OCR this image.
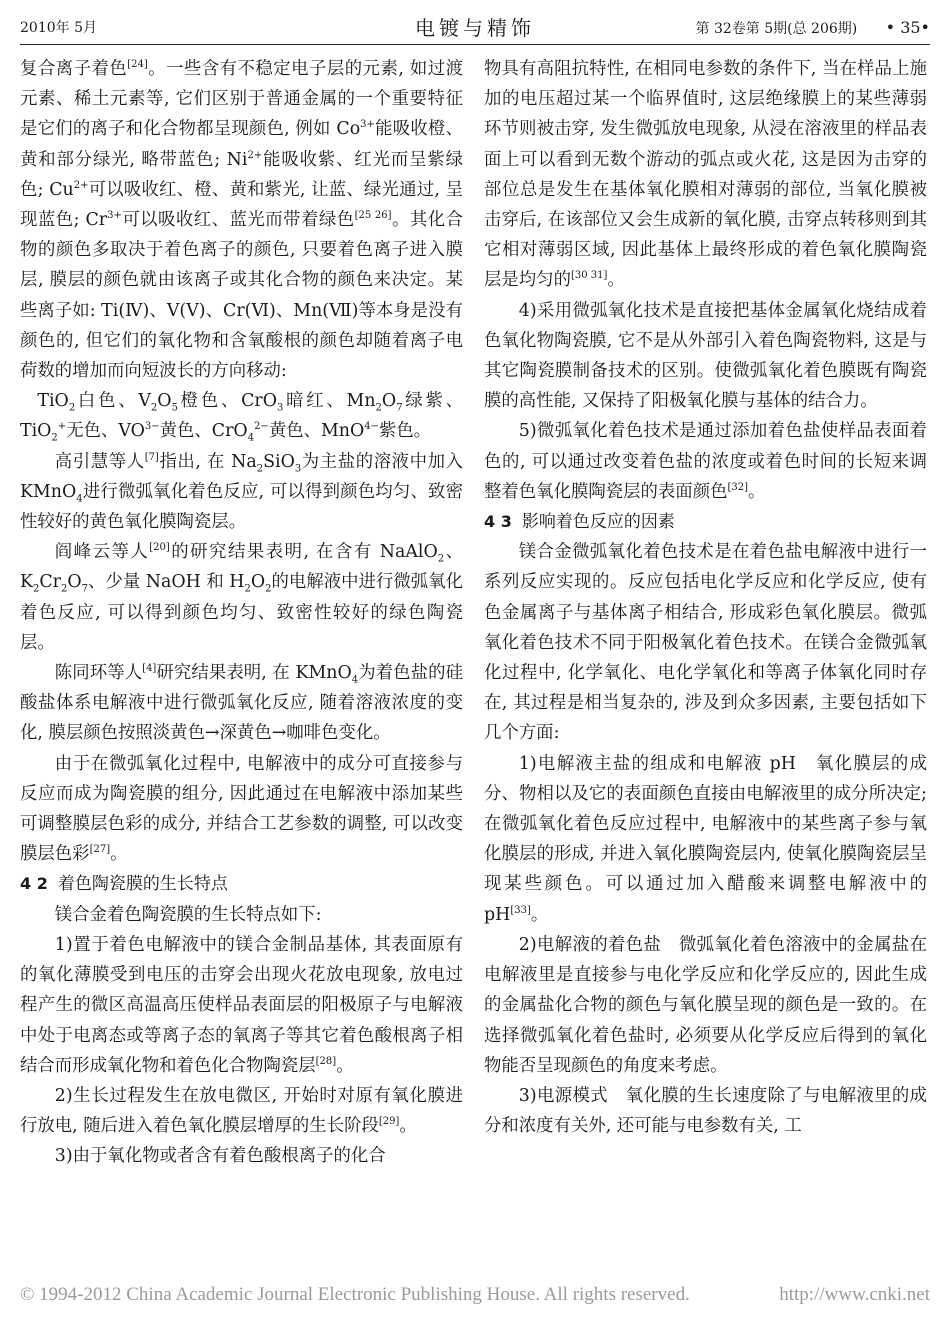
2010年 5月	电镀与精饰	第 32卷第 5期(总 206期) • 35•

复合离子着色[24]。一些含有不稳定电子层的元素, 如过渡元素、稀土元素等, 它们区别于普通金属的一个重要特征是它们的离子和化合物都呈现颜色, 例如 $Co^{3+}$能吸收橙、黄和部分绿光, 略带蓝色; $Ni^{2+}$能吸收紫、红光而呈紫绿色; $Cu^{2+}$可以吸收红、橙、黄和紫光, 让蓝、绿光通过, 呈现蓝色; $Cr^{3+}$可以吸收红、蓝光而带着绿色[25 26]。其化合物的颜色多取决于着色离子的颜色, 只要着色离子进入膜层, 膜层的颜色就由该离子或其化合物的颜色来决定。某些离子如: Ti(Ⅳ)、V(Ⅴ)、Cr(Ⅵ)、Mn(Ⅶ)等本身是没有颜色的, 但它们的氧化物和含氧酸根的颜色却随着离子电荷数的增加而向短波长的方向移动:

TiO$_2$白色、$V_2O_5$橙色、CrO$_3$暗红、$Mn_2O_7$绿紫、TiO$_2$+无色、$VO^{3-}$黄色、CrO$_4^{2-}$黄色、MnO$^{4-}$紫色。

高引慧等人[7]指出, 在 $Na_2SiO_3$为主盐的溶液中加入 KMnO$_4$进行微弧氧化着色反应, 可以得到颜色均匀、致密性较好的黄色氧化膜陶瓷层。

阎峰云等人[20]的研究结果表明, 在含有 NaAlO$_2$、$K_2Cr_2O_7$、少量 NaOH 和 $H_2O_2$的电解液中进行微弧氧化着色反应, 可以得到颜色均匀、致密性较好的绿色陶瓷层。

陈同环等人[4]研究结果表明, 在 KMnO$_4$为着色盐的硅酸盐体系电解液中进行微弧氧化反应, 随着溶液浓度的变化, 膜层颜色按照淡黄色→深黄色→咖啡色变化。

由于在微弧氧化过程中, 电解液中的成分可直接参与反应而成为陶瓷膜的组分, 因此通过在电解液中添加某些可调整膜层色彩的成分, 并结合工艺参数的调整, 可以改变膜层色彩[27]。

4 2 着色陶瓷膜的生长特点

镁合金着色陶瓷膜的生长特点如下:

1)置于着色电解液中的镁合金制品基体, 其表面原有的氧化薄膜受到电压的击穿会出现火花放电现象, 放电过程产生的微区高温高压使样品表面层的阳极原子与电解液中处于电离态或等离子态的氧离子等其它着色酸根离子相结合而形成氧化物和着色化合物陶瓷层[28]。

2)生长过程发生在放电微区, 开始时对原有氧化膜进行放电, 随后进入着色氧化膜层增厚的生长阶段[29]。

3)由于氧化物或者含有着色酸根离子的化合

物具有高阻抗特性, 在相同电参数的条件下, 当在样品上施加的电压超过某一个临界值时, 这层绝缘膜上的某些薄弱环节则被击穿, 发生微弧放电现象, 从浸在溶液里的样品表面上可以看到无数个游动的弧点或火花, 这是因为击穿的部位总是发生在基体氧化膜相对薄弱的部位, 当氧化膜被击穿后, 在该部位又会生成新的氧化膜, 击穿点转移则到其它相对薄弱区域, 因此基体上最终形成的着色氧化膜陶瓷层是均匀的[30 31]。

4)采用微弧氧化技术是直接把基体金属氧化烧结成着色氧化物陶瓷膜, 它不是从外部引入着色陶瓷物料, 这是与其它陶瓷膜制备技术的区别。使微弧氧化着色膜既有陶瓷膜的高性能, 又保持了阳极氧化膜与基体的结合力。

5)微弧氧化着色技术是通过添加着色盐使样品表面着色的, 可以通过改变着色盐的浓度或着色时间的长短来调整着色氧化膜陶瓷层的表面颜色[32]。

4 3 影响着色反应的因素

镁合金微弧氧化着色技术是在着色盐电解液中进行一系列反应实现的。反应包括电化学反应和化学反应, 使有色金属离子与基体离子相结合, 形成彩色氧化膜层。微弧氧化着色技术不同于阳极氧化着色技术。在镁合金微弧氧化过程中, 化学氧化、电化学氧化和等离子体氧化同时存在, 其过程是相当复杂的, 涉及到众多因素, 主要包括如下几个方面:

1)电解液主盐的组成和电解液 pH　氧化膜层的成分、物相以及它的表面颜色直接由电解液里的成分所决定; 在微弧氧化着色反应过程中, 电解液中的某些离子参与氧化膜层的形成, 并进入氧化膜陶瓷层内, 使氧化膜陶瓷层呈现某些颜色。可以通过加入醋酸来调整电解液中的 pH[33]。

2)电解液的着色盐　微弧氧化着色溶液中的金属盐在电解液里是直接参与电化学反应和化学反应的, 因此生成的金属盐化合物的颜色与氧化膜呈现的颜色是一致的。在选择微弧氧化着色盐时, 必须要从化学反应后得到的氧化物能否呈现颜色的角度来考虑。

3)电源模式　氧化膜的生长速度除了与电解液里的成分和浓度有关外, 还可能与电参数有关, 工

© 1994-2012 China Academic Journal Electronic Publishing House. All rights reserved.	http://www.cnki.net
